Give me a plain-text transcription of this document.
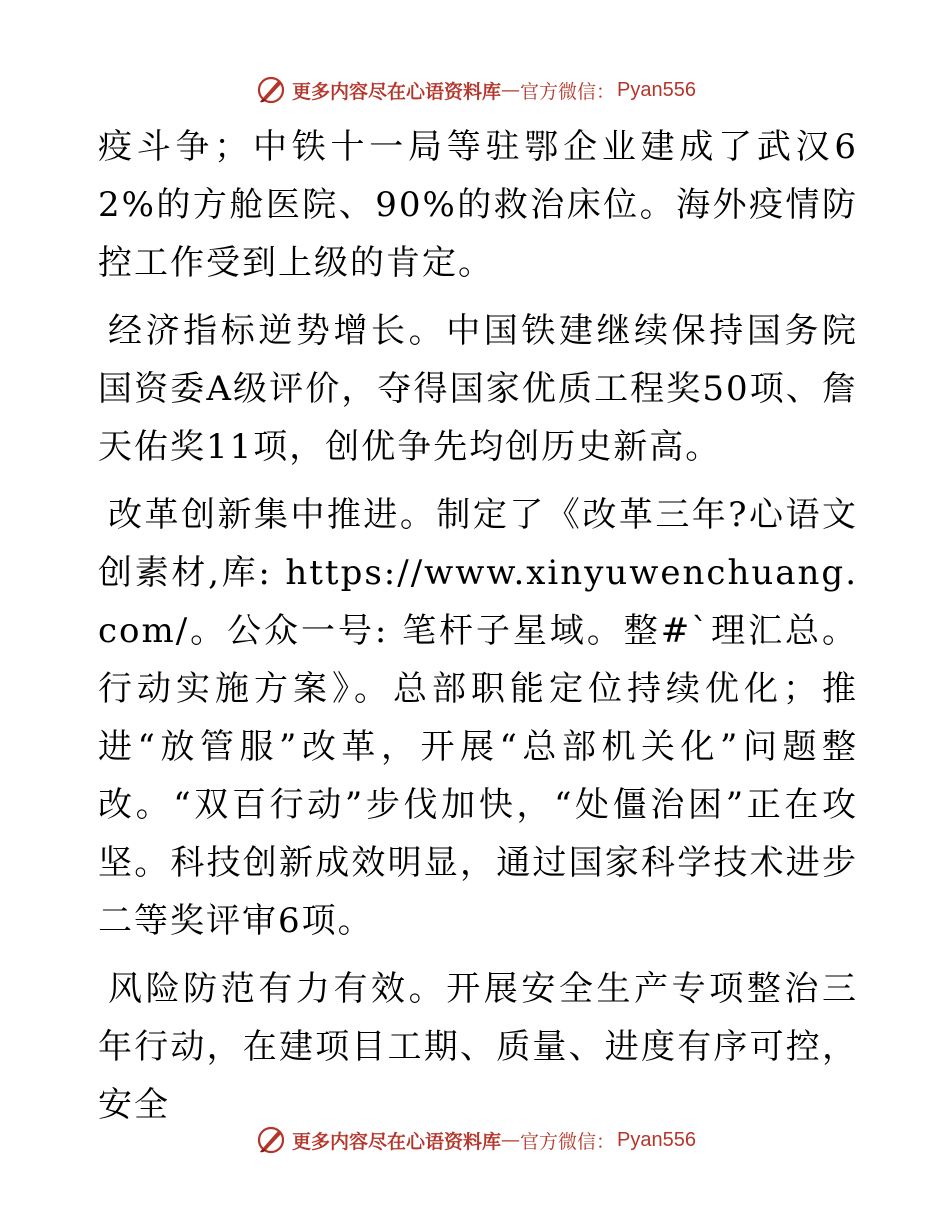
更多内容尽在心语资料库 — 官方微信： Pyan556

疫斗争；中铁十一局等驻鄂企业建成了武汉62%的方舱医院、90%的救治床位。海外疫情防控工作受到上级的肯定。

经济指标逆势增长。中国铁建继续保持国务院国资委A级评价，夺得国家优质工程奖50项、詹天佑奖11项，创优争先均创历史新高。

改革创新集中推进。制定了《改革三年?心语文创素材,库: https://www.xinyuwenchuang.com/。公众一号: 笔杆子星域。整#`理汇总。行动实施方案》。总部职能定位持续优化；推进“放管服”改革，开展“总部机关化”问题整改。“双百行动”步伐加快，“处僵治困”正在攻坚。科技创新成效明显，通过国家科学技术进步二等奖评审6项。

风险防范有力有效。开展安全生产专项整治三年行动，在建项目工期、质量、进度有序可控，安全

更多内容尽在心语资料库 — 官方微信： Pyan556
